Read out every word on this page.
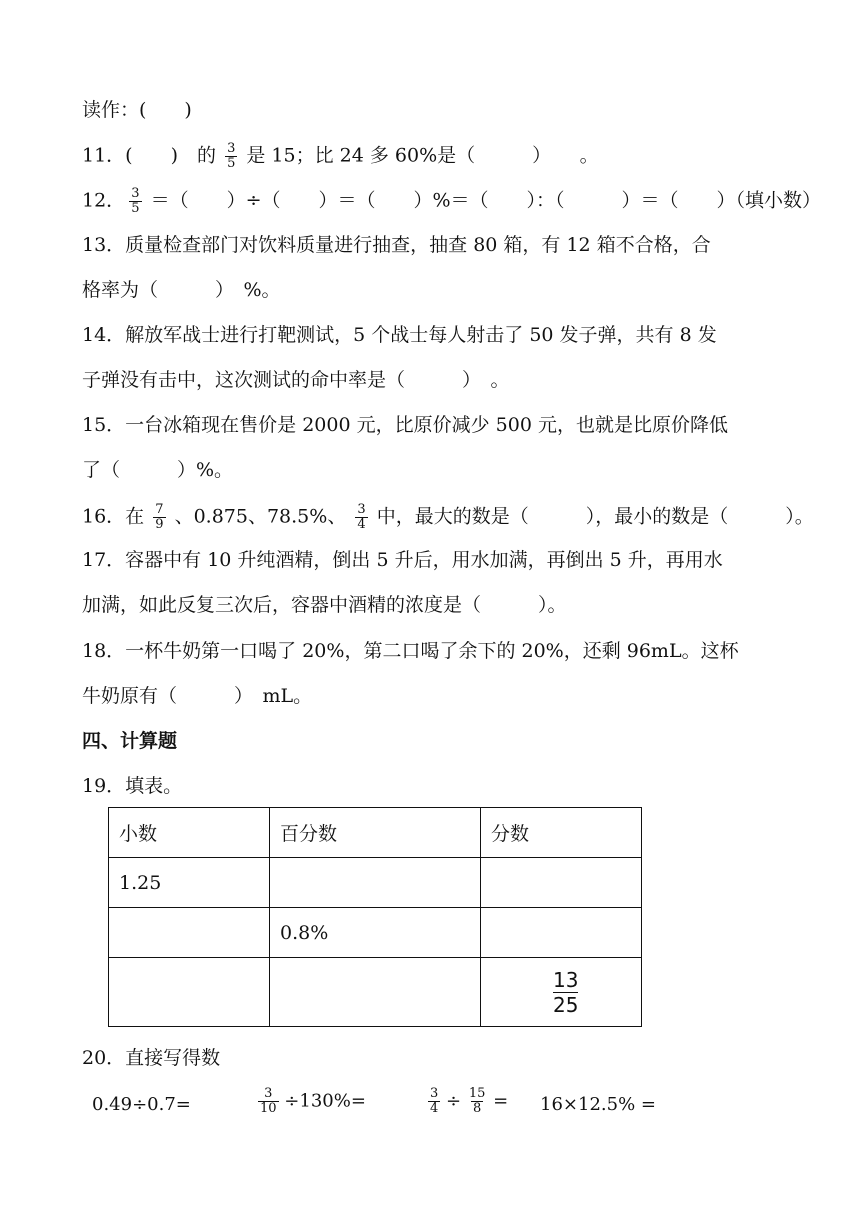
读作：(　　)
11．(　　)　的 $\frac{3}{5}$ 是 15；比 24 多 60%是（　　　）　　。
12． $\frac{3}{5}$ ＝（　　）÷（　　）＝（　　）%＝（　　）：（　　　）＝（　　）（填小数）
13．质量检查部门对饮料质量进行抽查，抽查 80 箱，有 12 箱不合格，合
格率为（　　　）　%。
14．解放军战士进行打靶测试，5 个战士每人射击了 50 发子弹，共有 8 发
子弹没有击中，这次测试的命中率是（　　　）　。
15．一台冰箱现在售价是 2000 元，比原价减少 500 元，也就是比原价降低
了（　　　）%。
16．在 $\frac{7}{9}$ 、0.875、78.5%、 $\frac{3}{4}$ 中，最大的数是（　　　），最小的数是（　　　）。
17．容器中有 10 升纯酒精，倒出 5 升后，用水加满，再倒出 5 升，再用水
加满，如此反复三次后，容器中酒精的浓度是（　　　）。
18．一杯牛奶第一口喝了 20%，第二口喝了余下的 20%，还剩 96mL。这杯
牛奶原有（　　　）　mL。
四、计算题
19．填表。
小数	百分数	分数
1.25		
	0.8%	

		$\frac{13}{25}$
20．直接写得数
0.49÷0.7=	$\frac{3}{10} \div 130\%=$	$\frac{3}{4} \div \frac{15}{8} = 16\times 12.5\%$ =
